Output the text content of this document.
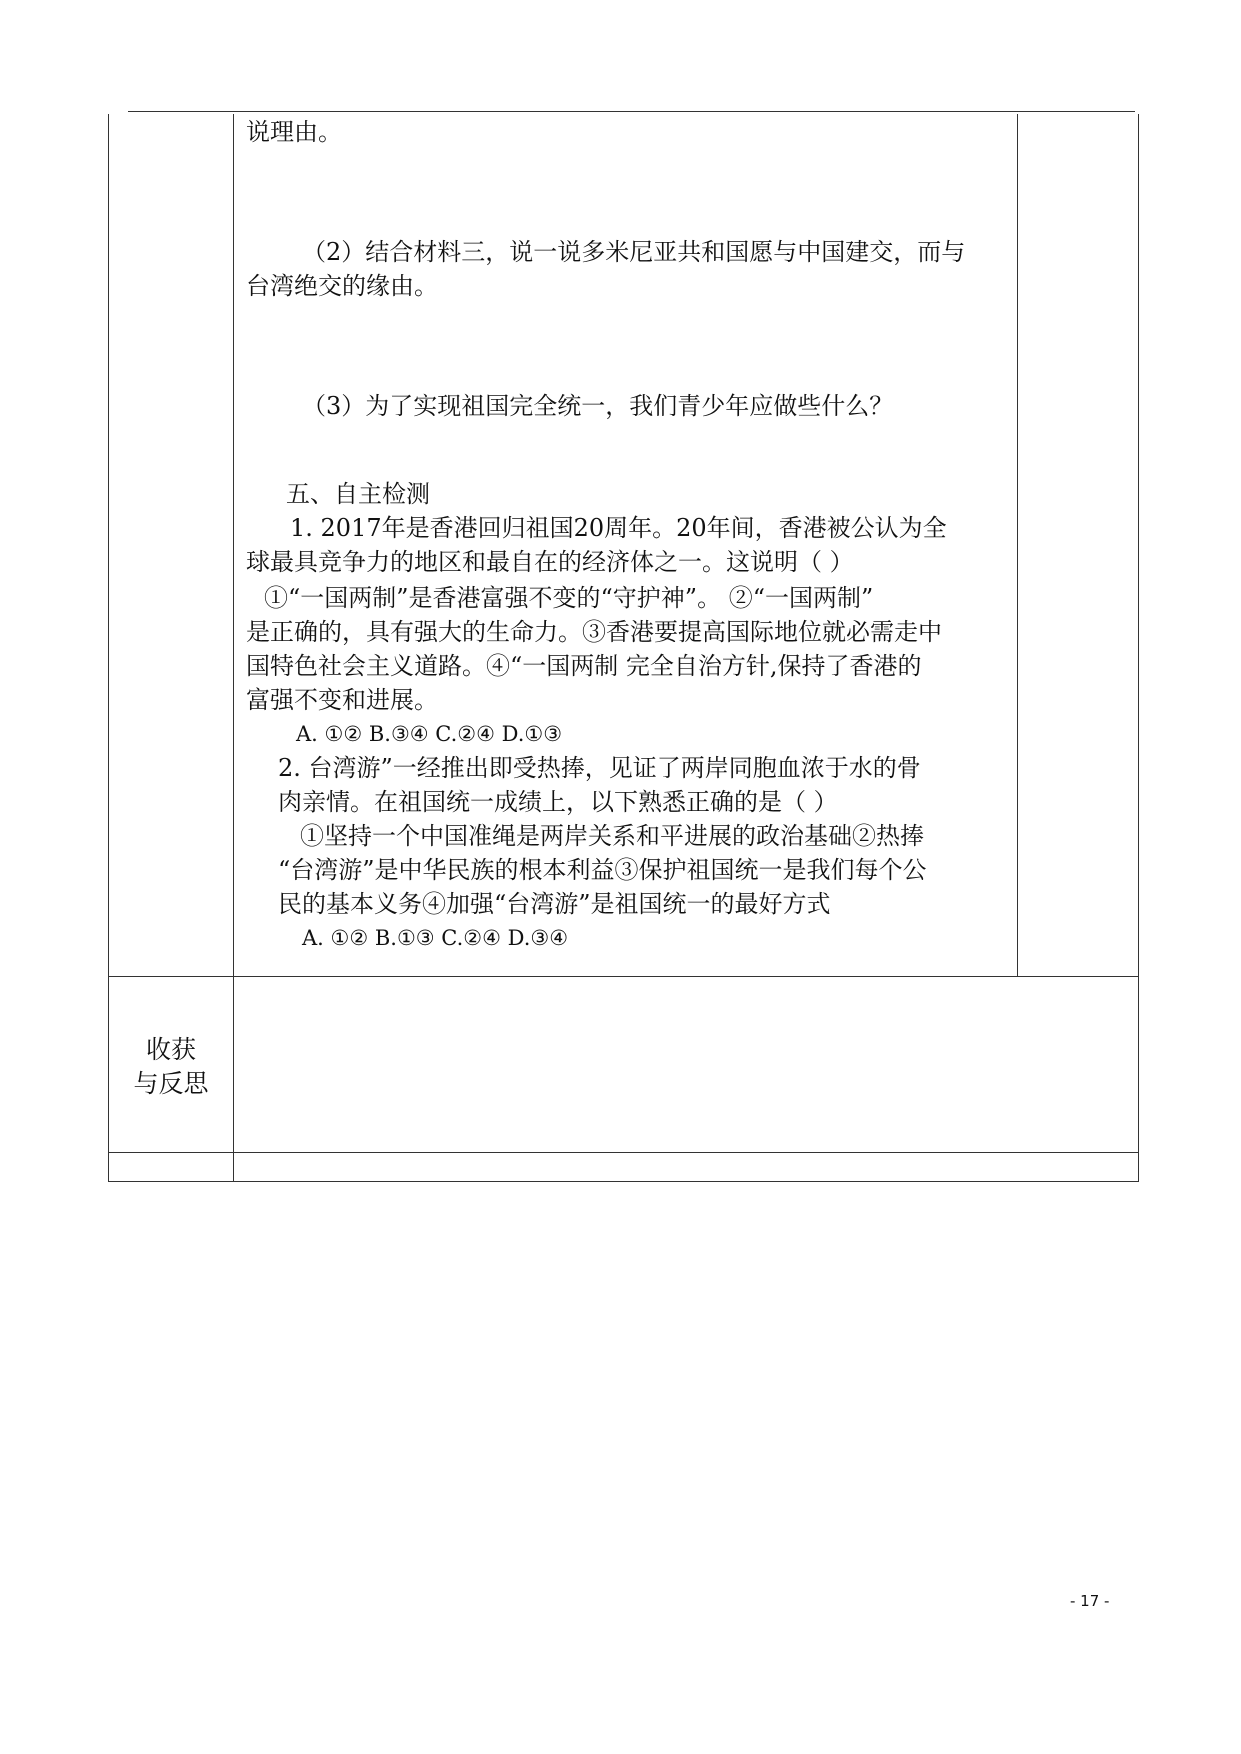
说理由。
（2）结合材料三，说一说多米尼亚共和国愿与中国建交，而与
台湾绝交的缘由。
（3）为了实现祖国完全统一，我们青少年应做些什么？
五、自主检测
1. 2017年是香港回归祖国20周年。20年间，香港被公认为全
球最具竞争力的地区和最自在的经济体之一。这说明（ ）
①“一国两制”是香港富强不变的“守护神”。 ②“一国两制”
是正确的，具有强大的生命力。③香港要提高国际地位就必需走中
国特色社会主义道路。④“一国两制 完全自治方针,保持了香港的
富强不变和进展。
A. ①② B.③④ C.②④ D.①③
2. 台湾游”一经推出即受热捧，见证了两岸同胞血浓于水的骨
肉亲情。在祖国统一成绩上，以下熟悉正确的是（ ）
①坚持一个中国准绳是两岸关系和平进展的政治基础②热捧
“台湾游”是中华民族的根本利益③保护祖国统一是我们每个公
民的基本义务④加强“台湾游”是祖国统一的最好方式
A. ①② B.①③ C.②④ D.③④
收获
与反思
- 17 -
